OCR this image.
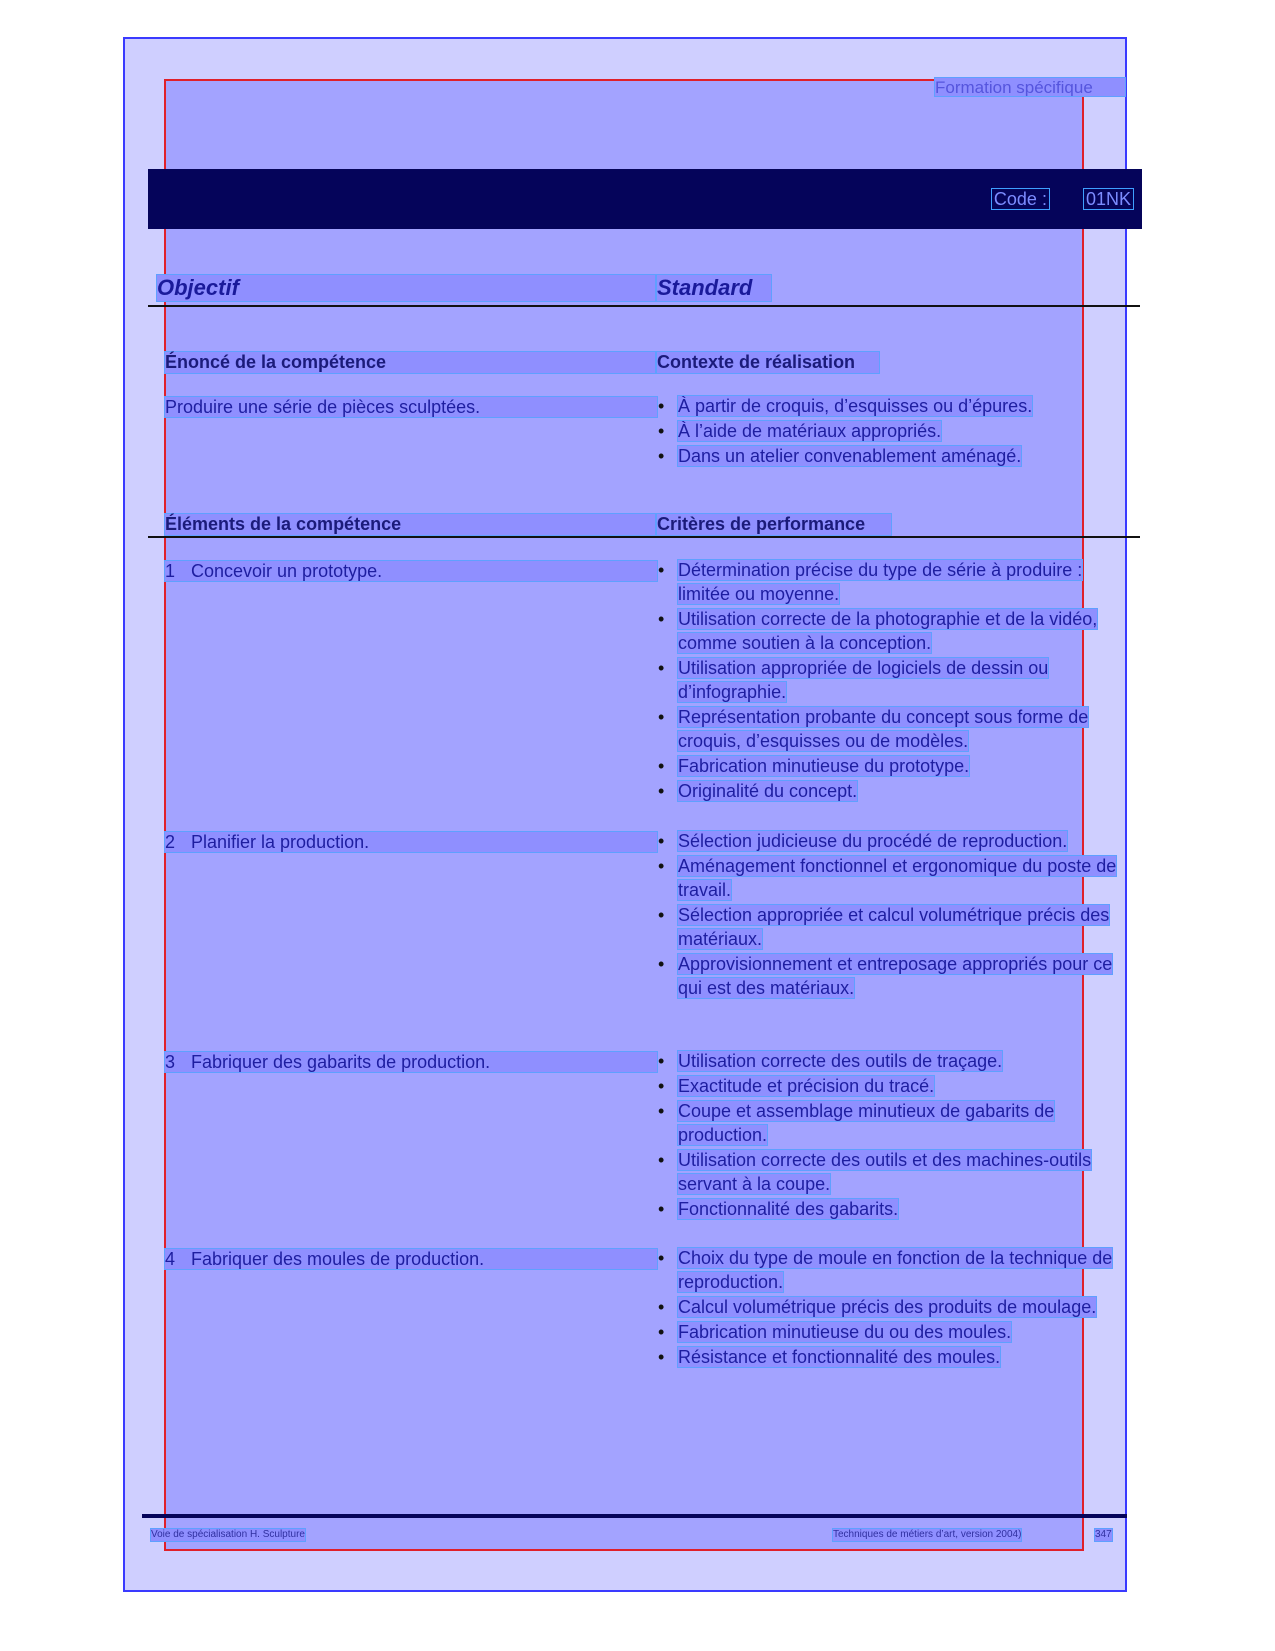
Formation spécifique
Code : 01NK
Objectif	Standard
Énoncé de la compétence	Contexte de réalisation
Produire une série de pièces sculptées.	• À partir de croquis, d’esquisses ou d’épures.
• À l’aide de matériaux appropriés.
• Dans un atelier convenablement aménagé.
Éléments de la compétence	Critères de performance
1 Concevoir un prototype.	• Détermination précise du type de série à produire : limitée ou moyenne.
• Utilisation correcte de la photographie et de la vidéo, comme soutien à la conception.
• Utilisation appropriée de logiciels de dessin ou d’infographie.
• Représentation probante du concept sous forme de croquis, d’esquisses ou de modèles.
• Fabrication minutieuse du prototype.
• Originalité du concept.
2 Planifier la production.	• Sélection judicieuse du procédé de reproduction.
• Aménagement fonctionnel et ergonomique du poste de travail.
• Sélection appropriée et calcul volumétrique précis des matériaux.
• Approvisionnement et entreposage appropriés pour ce qui est des matériaux.
3 Fabriquer des gabarits de production.	• Utilisation correcte des outils de traçage.
• Exactitude et précision du tracé.
• Coupe et assemblage minutieux de gabarits de production.
• Utilisation correcte des outils et des machines-outils servant à la coupe.
• Fonctionnalité des gabarits.
4 Fabriquer des moules de production.	• Choix du type de moule en fonction de la technique de reproduction.
• Calcul volumétrique précis des produits de moulage.
• Fabrication minutieuse du ou des moules.
• Résistance et fonctionnalité des moules.
Voie de spécialisation H. Sculpture	Techniques de métiers d’art, version 2004)	347
